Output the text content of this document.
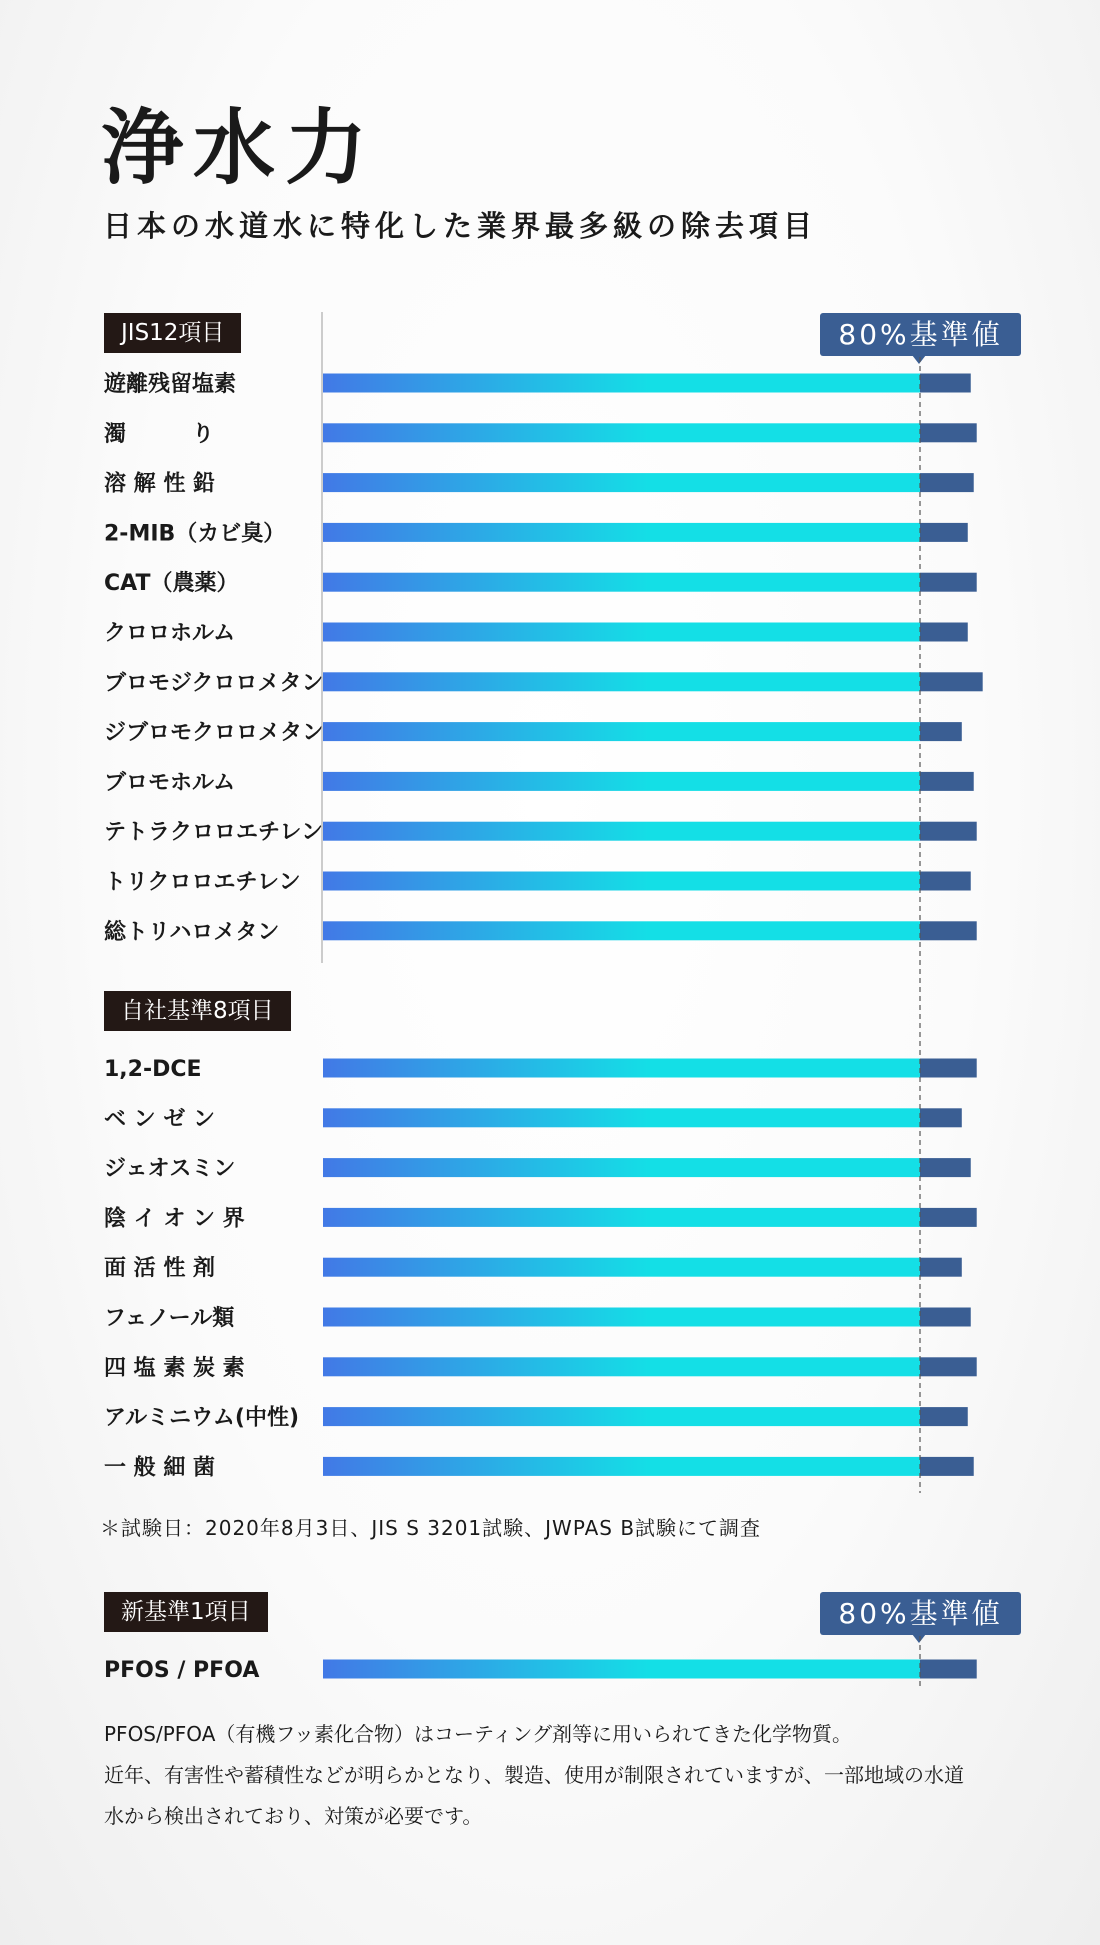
浄水力
日本の水道水に特化した業界最多級の除去項目
JIS12項目
自社基準8項目
新基準1項目
80%基準値
80%基準値
遊離残留塩素
濁　　　り
溶 解 性 鉛
2-MIB（カビ臭）
CAT（農薬）
クロロホルム
ブロモジクロロメタン
ジブロモクロロメタン
ブロモホルム
テトラクロロエチレン
トリクロロエチレン
総トリハロメタン
1,2-DCE
ベ ン ゼ ン
ジェオスミン
陰 イ オ ン 界
面 活 性 剤
フェノール類
四 塩 素 炭 素
アルミニウム(中性)
一 般 細 菌
PFOS / PFOA

＊試験日：2020年8月3日、JIS S 3201試験、JWPAS B試験にて調査

PFOS/PFOA（有機フッ素化合物）はコーティング剤等に用いられてきた化学物質。

近年、有害性や蓄積性などが明らかとなり、製造、使用が制限されていますが、一部地域の水道

水から検出されており、対策が必要です。
